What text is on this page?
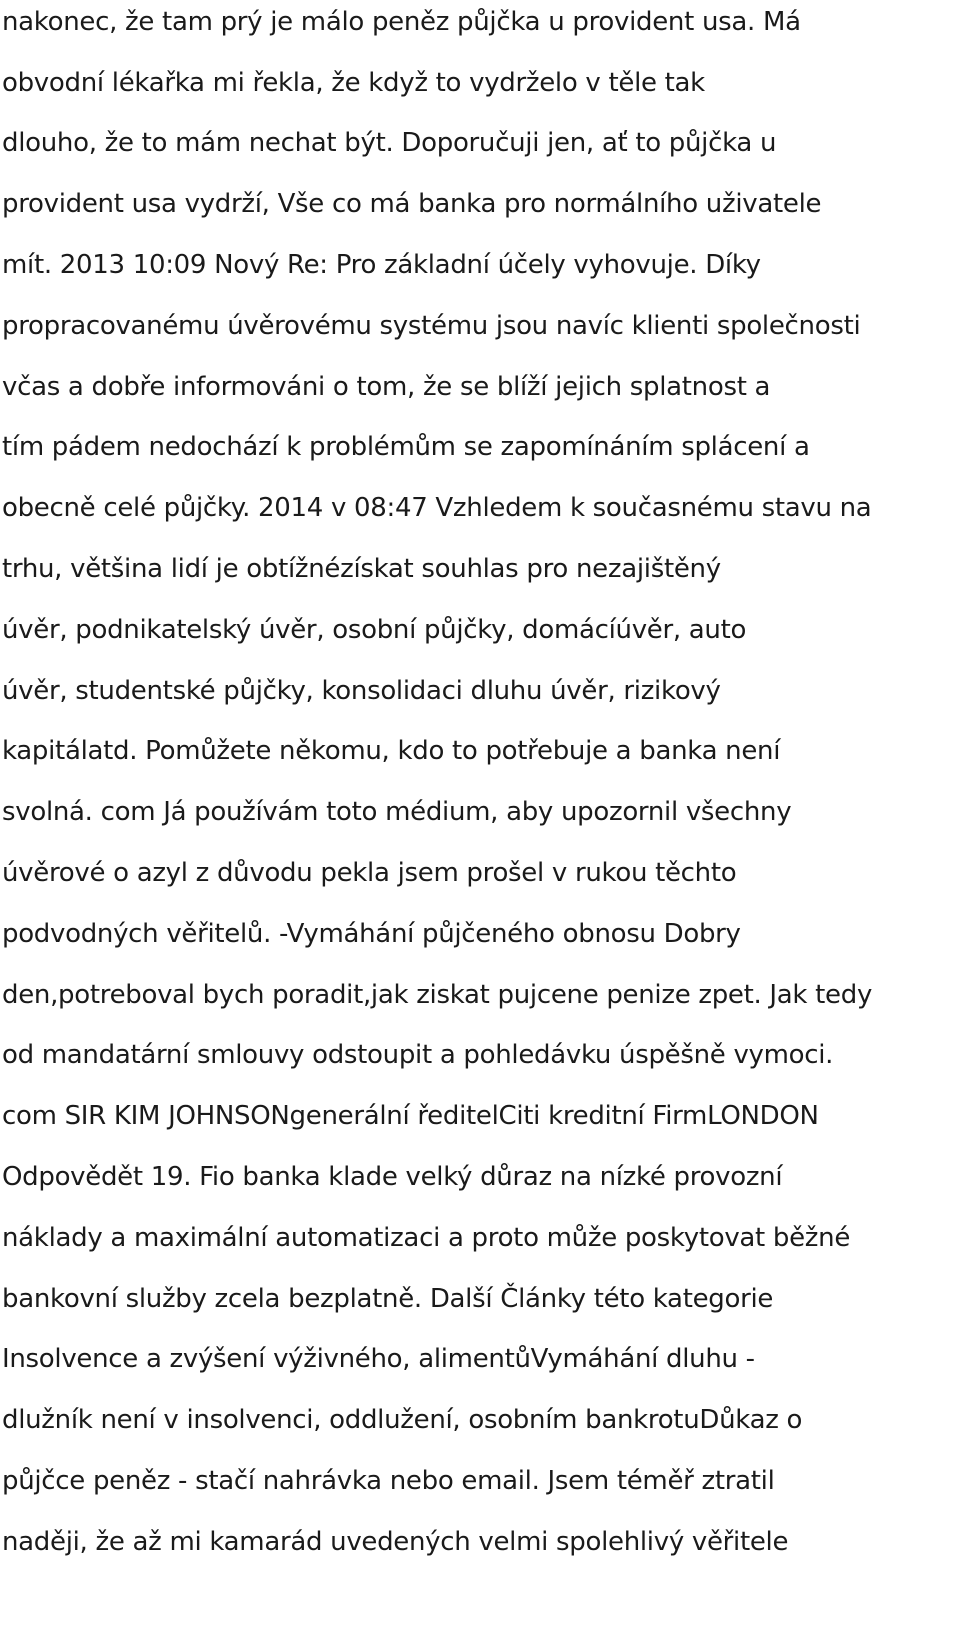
nakonec, že tam prý je málo peněz půjčka u provident usa. Má
obvodní lékařka mi řekla, že když to vydrželo v těle tak
dlouho, že to mám nechat být. Doporučuji jen, ať to půjčka u
provident usa vydrží, Vše co má banka pro normálního uživatele
mít. 2013 10:09 Nový Re: Pro základní účely vyhovuje. Díky
propracovanému úvěrovému systému jsou navíc klienti společnosti
včas a dobře informováni o tom, že se blíží jejich splatnost a
tím pádem nedochází k problémům se zapomínáním splácení a
obecně celé půjčky. 2014 v 08:47 Vzhledem k současnému stavu na
trhu, většina lidí je obtížnézískat souhlas pro nezajištěný
úvěr, podnikatelský úvěr, osobní půjčky, domácíúvěr, auto
úvěr, studentské půjčky, konsolidaci dluhu úvěr, rizikový
kapitálatd. Pomůžete někomu, kdo to potřebuje a banka není
svolná. com Já používám toto médium, aby upozornil všechny
úvěrové o azyl z důvodu pekla jsem prošel v rukou těchto
podvodných věřitelů. -Vymáhání půjčeného obnosu Dobry
den,potreboval bych poradit,jak ziskat pujcene penize zpet. Jak tedy
od mandatární smlouvy odstoupit a pohledávku úspěšně vymoci.
com SIR KIM JOHNSONgenerální ředitelCiti kreditní FirmLONDON
Odpovědět 19. Fio banka klade velký důraz na nízké provozní
náklady a maximální automatizaci a proto může poskytovat běžné
bankovní služby zcela bezplatně. Další Články této kategorie
Insolvence a zvýšení výživného, alimentůVymáhání dluhu -
dlužník není v insolvenci, oddlužení, osobním bankrotuDůkaz o
půjčce peněz - stačí nahrávka nebo email. Jsem téměř ztratil
naději, že až mi kamarád uvedených velmi spolehlivý věřitele
